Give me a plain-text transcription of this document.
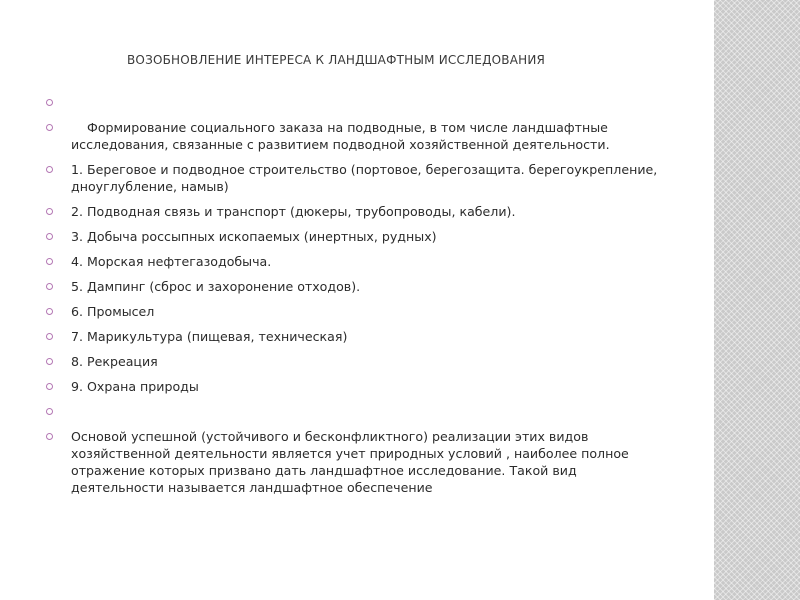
ВОЗОБНОВЛЕНИЕ ИНТЕРЕСА К ЛАНДШАФТНЫМ ИССЛЕДОВАНИЯ
Формирование социального заказа на подводные, в том числе ландшафтные исследования, связанные с развитием подводной хозяйственной деятельности.
1. Береговое и подводное строительство (портовое, берегозащита. берегоукрепление, дноуглубление, намыв)
2. Подводная связь и транспорт (дюкеры, трубопроводы, кабели).
3. Добыча россыпных ископаемых (инертных, рудных)
4. Морская нефтегазодобыча.
5. Дампинг (сброс и захоронение отходов).
6. Промысел
7. Марикультура (пищевая, техническая)
8. Рекреация
9. Охрана природы
Основой успешной (устойчивого и бесконфликтного) реализации этих видов хозяйственной деятельности является учет природных условий , наиболее полное отражение которых призвано дать ландшафтное исследование. Такой вид деятельности называется ландшафтное обеспечение
